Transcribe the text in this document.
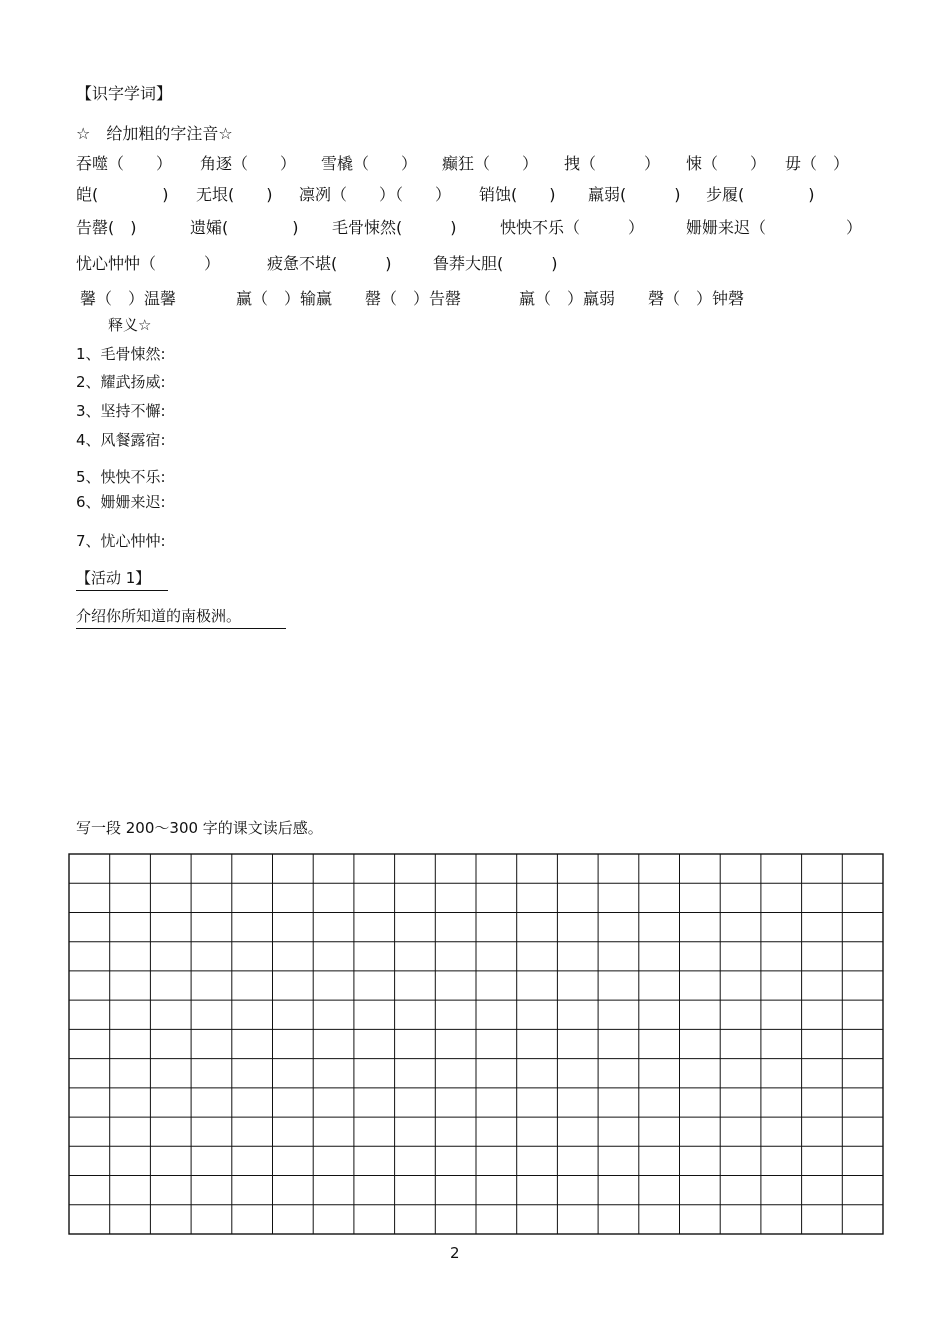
【识字学词】
☆　给加粗的字注音☆
吞噬（　　） 角逐（　　） 雪橇（　　） 癫狂（　　） 拽（　　　） 悚（　　） 毋（　）
皑(　　　　) 无垠(　　) 凛冽（　　）（　　） 销蚀(　　) 羸弱(　　　) 步履(　　　　)
告罄(　)	遗孀(　　　　) 毛骨悚然(　　　)	怏怏不乐（　　　）	姗姗来迟（　　　　　）
忧心忡忡（　　　）	疲惫不堪(　　　)	鲁莽大胆(　　　)
馨（　）温馨	赢（　）输赢 罄（　）告罄	羸（　）羸弱 磬（　）钟磬
释义☆
1、毛骨悚然:
2、耀武扬威:
3、坚持不懈:
4、风餐露宿:
5、怏怏不乐:
6、姗姗来迟:
7、忧心忡忡:
【活动 1】
介绍你所知道的南极洲。
写一段 200～300 字的课文读后感。
2
